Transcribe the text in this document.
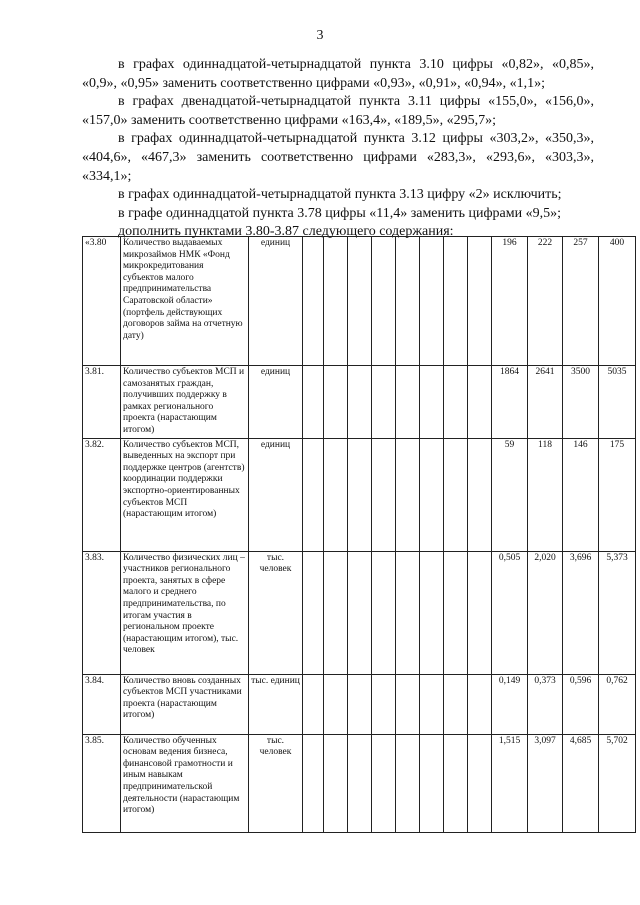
3

в графах одиннадцатой-четырнадцатой пункта 3.10 цифры «0,82», «0,85», «0,9», «0,95» заменить соответственно цифрами «0,93», «0,91», «0,94», «1,1»;

в графах двенадцатой-четырнадцатой пункта 3.11 цифры «155,0», «156,0», «157,0» заменить соответственно цифрами «163,4», «189,5», «295,7»;

в графах одиннадцатой-четырнадцатой пункта 3.12 цифры «303,2», «350,3», «404,6», «467,3» заменить соответственно цифрами «283,3», «293,6», «303,3», «334,1»;

в графах одиннадцатой-четырнадцатой пункта 3.13 цифру «2» исключить;

в графе одиннадцатой пункта 3.78 цифры «11,4» заменить цифрами «9,5»;

дополнить пунктами 3.80-3.87 следующего содержания:

«3.80	Количество выдаваемых микрозаймов НМК «Фонд микрокредитования субъектов малого предпринимательства Саратовской области» (портфель действующих договоров займа на отчетную дату)	единиц									196	222	257	400
3.81.	Количество субъектов МСП и самозанятых граждан, получивших поддержку в рамках регионального проекта (нарастающим итогом)	единиц									1864	2641	3500	5035
3.82.	Количество субъектов МСП, выведенных на экспорт при поддержке центров (агентств) координации поддержки экспортно-ориентированных субъектов МСП (нарастающим итогом)	единиц									59	118	146	175
3.83.	Количество физических лиц – участников регионального проекта, занятых в сфере малого и среднего предпринимательства, по итогам участия в региональном проекте (нарастающим итогом), тыс. человек	тыс. человек									0,505	2,020	3,696	5,373
3.84.	Количество вновь созданных субъектов МСП участниками проекта (нарастающим итогом)	тыс. единиц									0,149	0,373	0,596	0,762
3.85.	Количество обученных основам ведения бизнеса, финансовой грамотности и иным навыкам предпринимательской деятельности (нарастающим итогом)	тыс. человек									1,515	3,097	4,685	5,702
